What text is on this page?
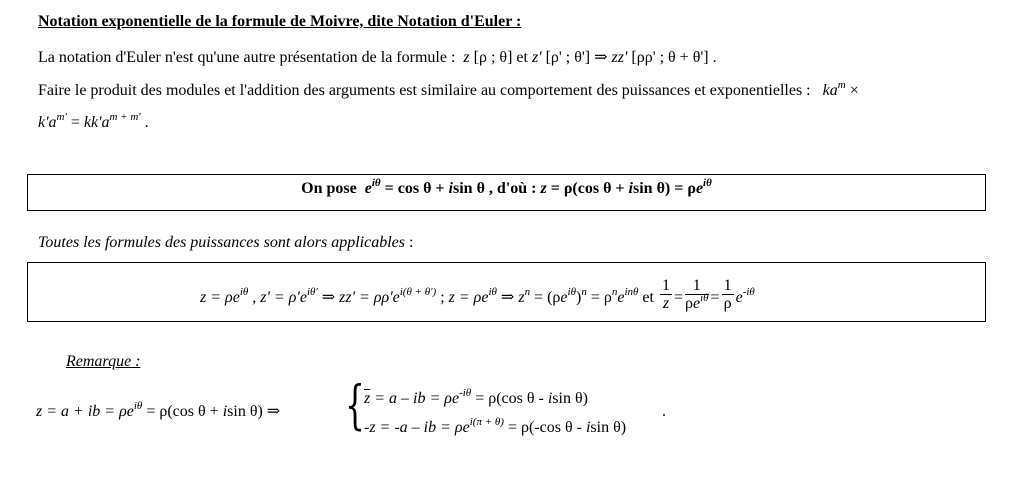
Notation exponentielle de la formule de Moivre, dite Notation d'Euler :
La notation d'Euler n'est qu'une autre présentation de la formule : z [ρ ; θ] et z' [ρ' ; θ'] ⇒ zz' [ρρ' ; θ + θ'] .
Faire le produit des modules et l'addition des arguments est similaire au comportement des puissances et exponentielles : $ka^m$ ×
$k'a^{m'} = kk'a^{m + m'}$ .
On pose $e^{i\theta} = \cos \theta + isin$ θ , d'où : z = ρ(cos θ + isin $\theta) = \rho e^{i\theta}$
Toutes les formules des puissances sont alors applicables :
$z = \rho e^{i\theta}$ , $z' = \rho'e^{i\theta'}$ ⇒ $zz' = \rho\rho'e^{i(\theta + \theta')}$ ; $z = \rho e^{i\theta}$ ⇒ $z^n = (\rho e^{i\theta})^n = \rho^ne^{in\theta}$ et $\frac{1}{z} = \frac{1}{\rho e^{i\theta}} = \frac{1}{\rho} e^{-i\theta}$
Remarque :
z = a + ib = $\rho e^{i\theta} = \rho(\cos$ θ + isin θ) ⇒ { $\overline{z} = a$ – ib = $\rho e^{-i\theta} = \rho(\cos$ θ - isin θ)
-z = -a – ib = $\rho e^{i(\pi + \theta)} = \rho(-\cos$ θ - isin θ)
.
